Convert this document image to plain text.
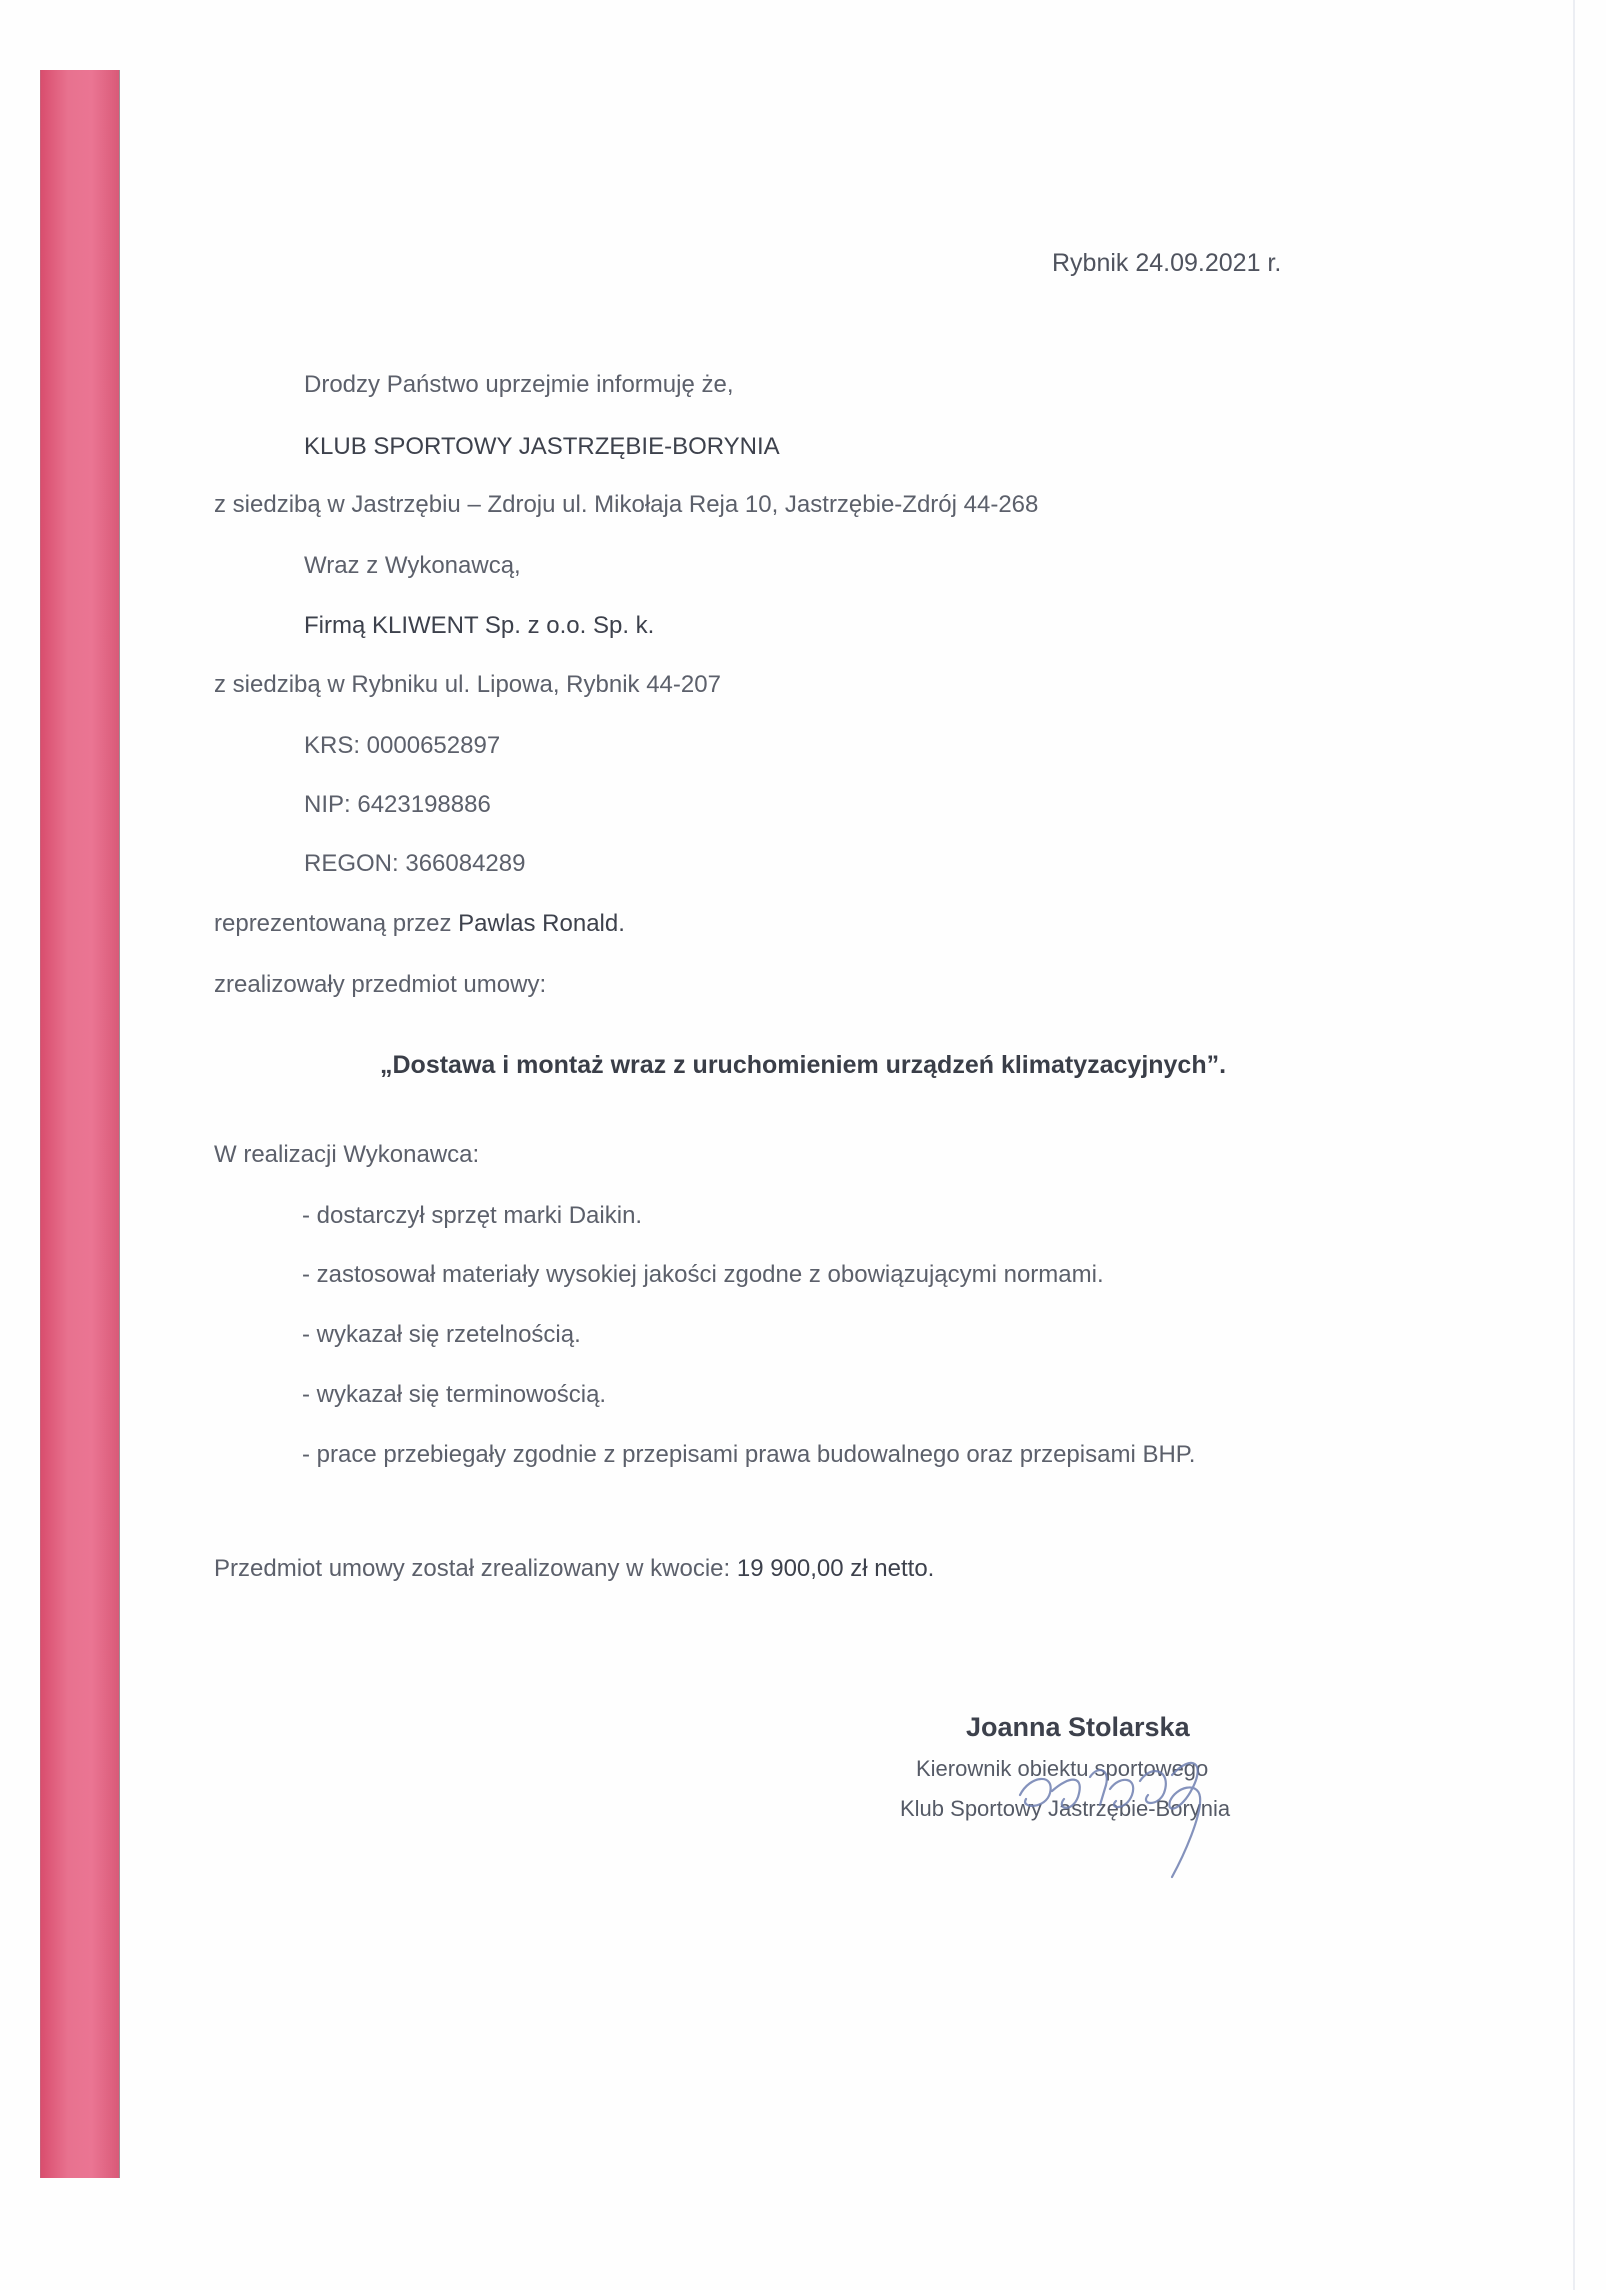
Rybnik 24.09.2021 r.
Drodzy Państwo uprzejmie informuję że,
KLUB SPORTOWY JASTRZĘBIE-BORYNIA
z siedzibą w Jastrzębiu – Zdroju ul. Mikołaja Reja 10, Jastrzębie-Zdrój 44-268
Wraz z Wykonawcą,
Firmą KLIWENT Sp. z o.o. Sp. k.
z siedzibą w Rybniku ul. Lipowa, Rybnik 44-207
KRS: 0000652897
NIP: 6423198886
REGON: 366084289
reprezentowaną przez Pawlas Ronald.
zrealizowały przedmiot umowy:
„Dostawa i montaż wraz z uruchomieniem urządzeń klimatyzacyjnych”.
W realizacji Wykonawca:
- dostarczył sprzęt marki Daikin.
- zastosował materiały wysokiej jakości zgodne z obowiązującymi normami.
- wykazał się rzetelnością.
- wykazał się terminowością.
- prace przebiegały zgodnie z przepisami prawa budowalnego oraz przepisami BHP.
Przedmiot umowy został zrealizowany w kwocie: 19 900,00 zł netto.
Joanna Stolarska
Kierownik obiektu sportowego
Klub Sportowy Jastrzębie-Borynia
